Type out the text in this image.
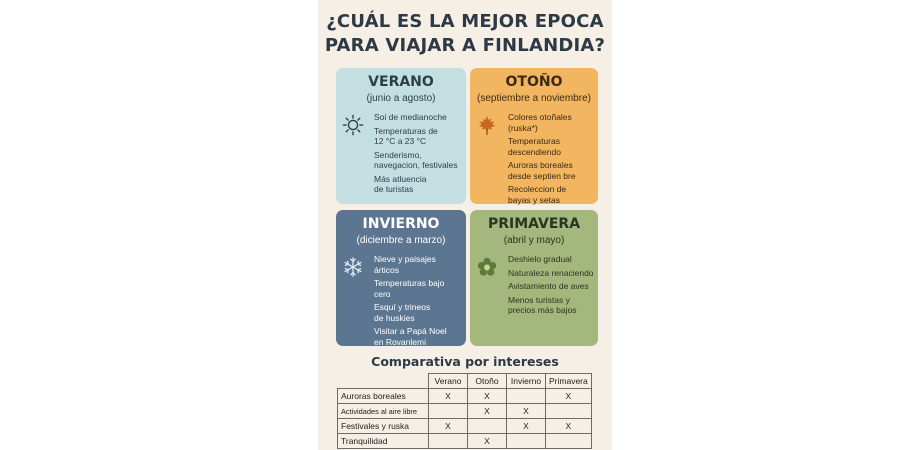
¿CUÁL ES LA MEJOR EPOCA
PARA VIAJAR A FINLANDIA?
VERANO
(junio a agosto)
Soi de medianoche
Temperaturas de
12 °C a 23 °C
Senderismo,
navegacion, festivales
Más atluencia
de turistas
OTOÑO
(septiembre a noviembre)
Colores otoñales
(ruska*)
Temperaturas
descendiendo
Auroras boreales
desde septien bre
Recoleccion de
bayas y setas
INVIERNO
(diciembre a marzo)
Nieve y paisajes
árticos
Temperaturas bajo
cero
Esquí y trineos
de huskies
Visitar a Papá Noel
en Rovanlemi
PRIMAVERA
(abril y mayo)
Deshielo gradual
Naturaleza renaciendo
Avistamiento de aves
Menos turistas y
precios más bajos
Comparativa por intereses
	Verano	Otoño	Invierno	Primavera
Auroras boreales	X	X		X
Actividades al aire libre		X	X	
Festivales y ruska	X		X	X
Tranquilidad		X		
